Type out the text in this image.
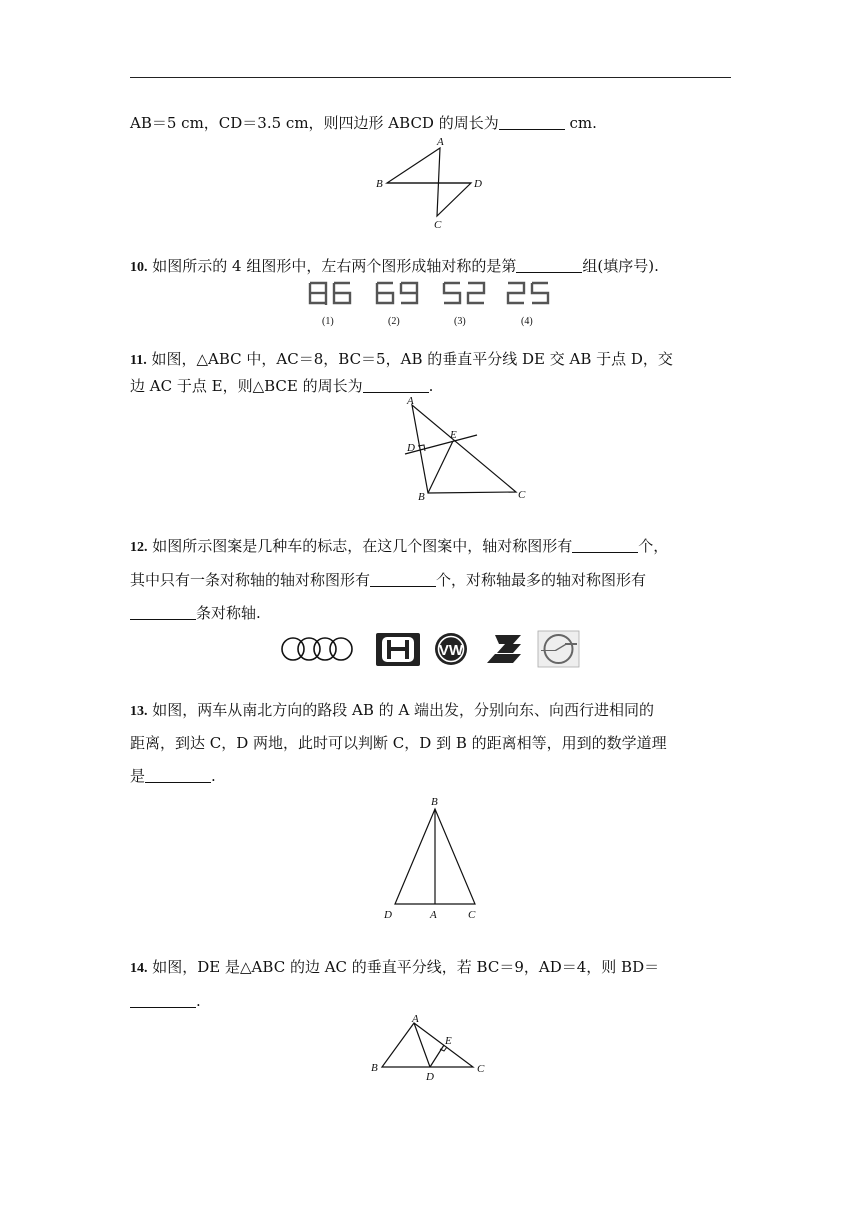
AB＝5 cm，CD＝3.5 cm，则四边形 ABCD 的周长为	cm.
A
B	D
C
10. 如图所示的 4 组图形中，左右两个图形成轴对称的是第	组(填序号).
(1)	(2)	(3)	(4)
11. 如图，△ABC 中，AC＝8，BC＝5，AB 的垂直平分线 DE 交 AB 于点 D，交
边 AC 于点 E，则△BCE 的周长为	.
A
D
E
B	C
12. 如图所示图案是几种车的标志，在这几个图案中，轴对称图形有	个，
其中只有一条对称轴的轴对称图形有	个，对称轴最多的轴对称图形有
条对称轴.
VW
13. 如图，两车从南北方向的路段 AB 的 A 端出发，分别向东、向西行进相同的
距离，到达 C，D 两地，此时可以判断 C，D 到 B 的距离相等，用到的数学道理
是	.
B
D	A	C
14. 如图，DE 是△ABC 的边 AC 的垂直平分线，若 BC＝9，AD＝4，则 BD＝
.
A
E
B
D
C
